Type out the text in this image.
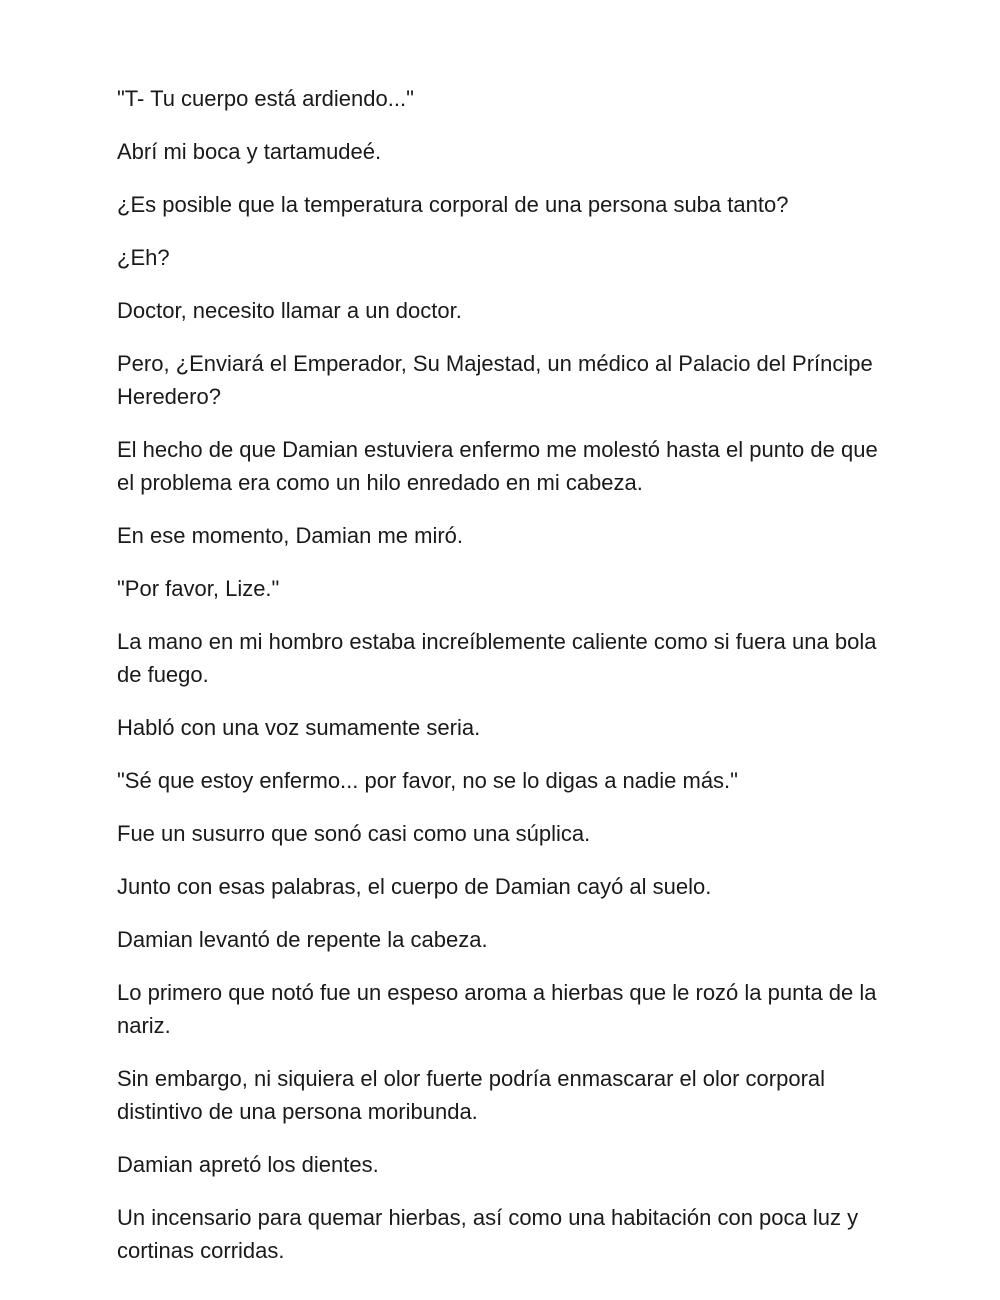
"T- Tu cuerpo está ardiendo..."

Abrí mi boca y tartamudeé.

¿Es posible que la temperatura corporal de una persona suba tanto?

¿Eh?

Doctor, necesito llamar a un doctor.

Pero, ¿Enviará el Emperador, Su Majestad, un médico al Palacio del Príncipe Heredero?

El hecho de que Damian estuviera enfermo me molestó hasta el punto de que el problema era como un hilo enredado en mi cabeza.

En ese momento, Damian me miró.

"Por favor, Lize."

La mano en mi hombro estaba increíblemente caliente como si fuera una bola de fuego.

Habló con una voz sumamente seria.

"Sé que estoy enfermo... por favor, no se lo digas a nadie más."

Fue un susurro que sonó casi como una súplica.

Junto con esas palabras, el cuerpo de Damian cayó al suelo.

Damian levantó de repente la cabeza.

Lo primero que notó fue un espeso aroma a hierbas que le rozó la punta de la nariz.

Sin embargo, ni siquiera el olor fuerte podría enmascarar el olor corporal distintivo de una persona moribunda.

Damian apretó los dientes.

Un incensario para quemar hierbas, así como una habitación con poca luz y cortinas corridas.
